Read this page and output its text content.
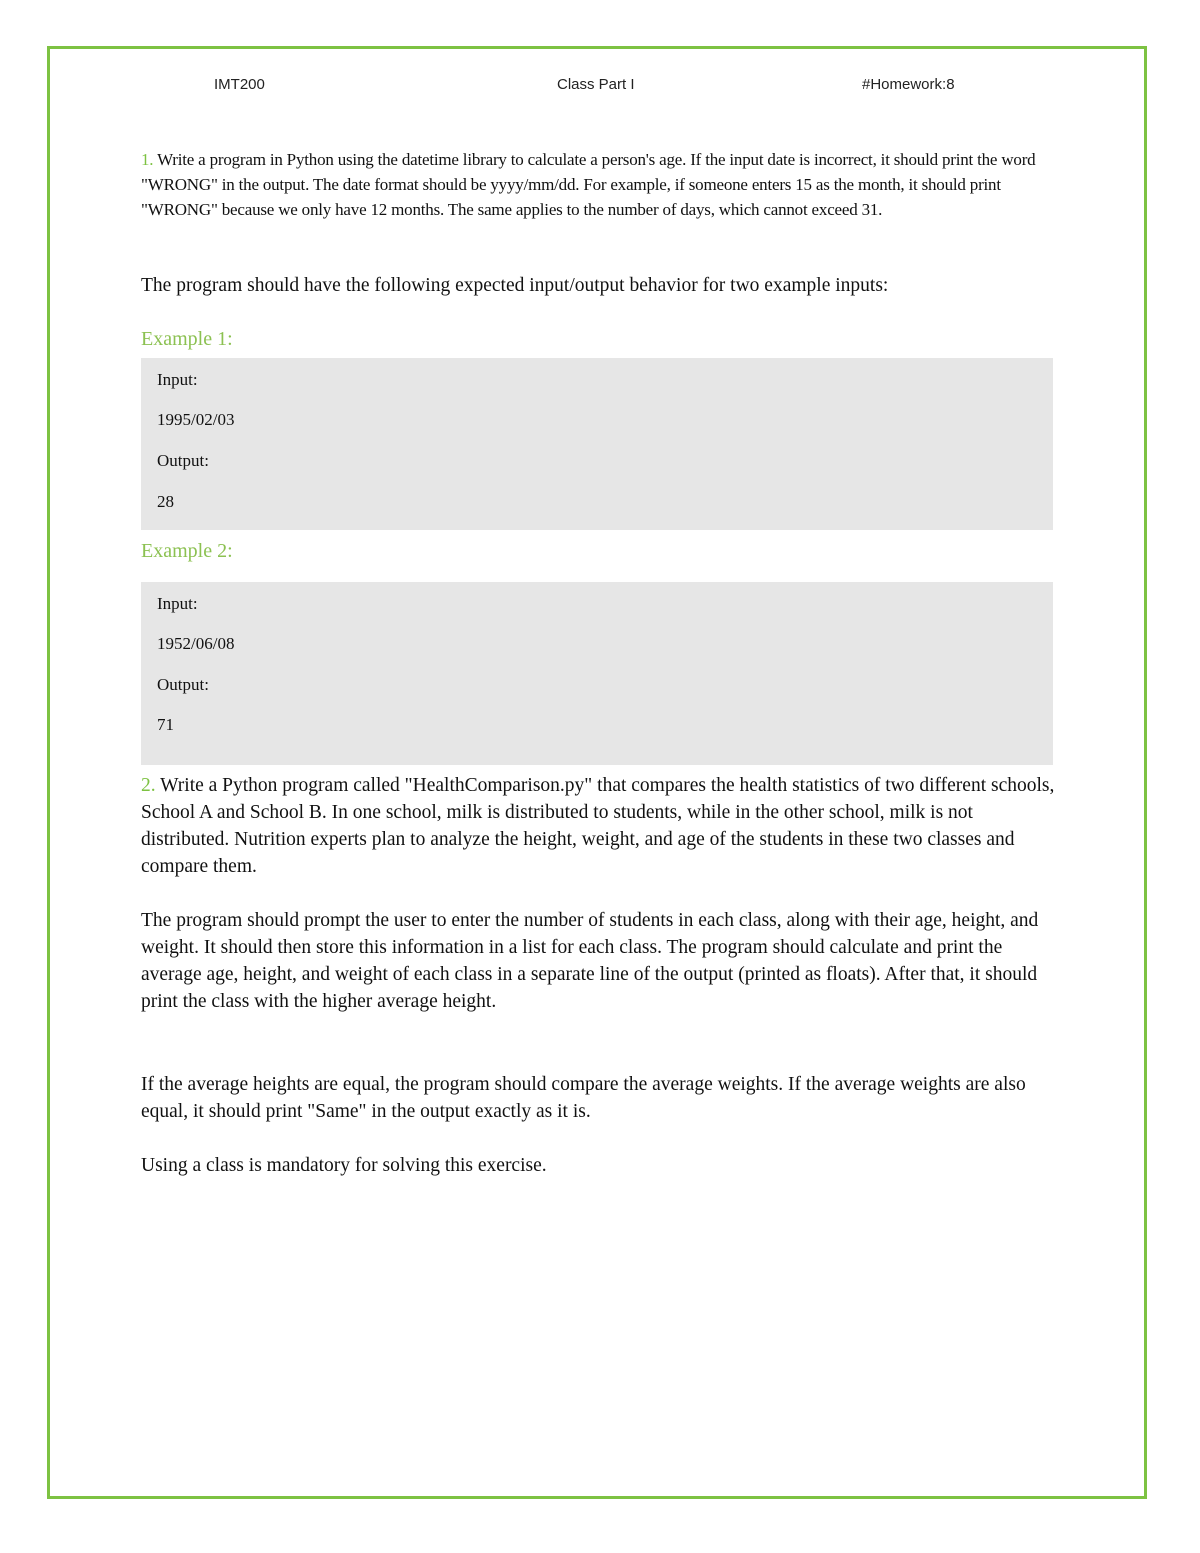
IMT200	Class Part I	#Homework:8

1. Write a program in Python using the datetime library to calculate a person's age. If the input date is incorrect, it should print the word "WRONG" in the output. The date format should be yyyy/mm/dd. For example, if someone enters 15 as the month, it should print "WRONG" because we only have 12 months. The same applies to the number of days, which cannot exceed 31.

The program should have the following expected input/output behavior for two example inputs:

Example 1:
Input:
1995/02/03
Output:
28
Example 2:
Input:
1952/06/08
Output:
71

2. Write a Python program called "HealthComparison.py" that compares the health statistics of two different schools, School A and School B. In one school, milk is distributed to students, while in the other school, milk is not distributed. Nutrition experts plan to analyze the height, weight, and age of the students in these two classes and compare them.

The program should prompt the user to enter the number of students in each class, along with their age, height, and weight. It should then store this information in a list for each class. The program should calculate and print the average age, height, and weight of each class in a separate line of the output (printed as floats). After that, it should print the class with the higher average height.

If the average heights are equal, the program should compare the average weights. If the average weights are also equal, it should print "Same" in the output exactly as it is.

Using a class is mandatory for solving this exercise.
